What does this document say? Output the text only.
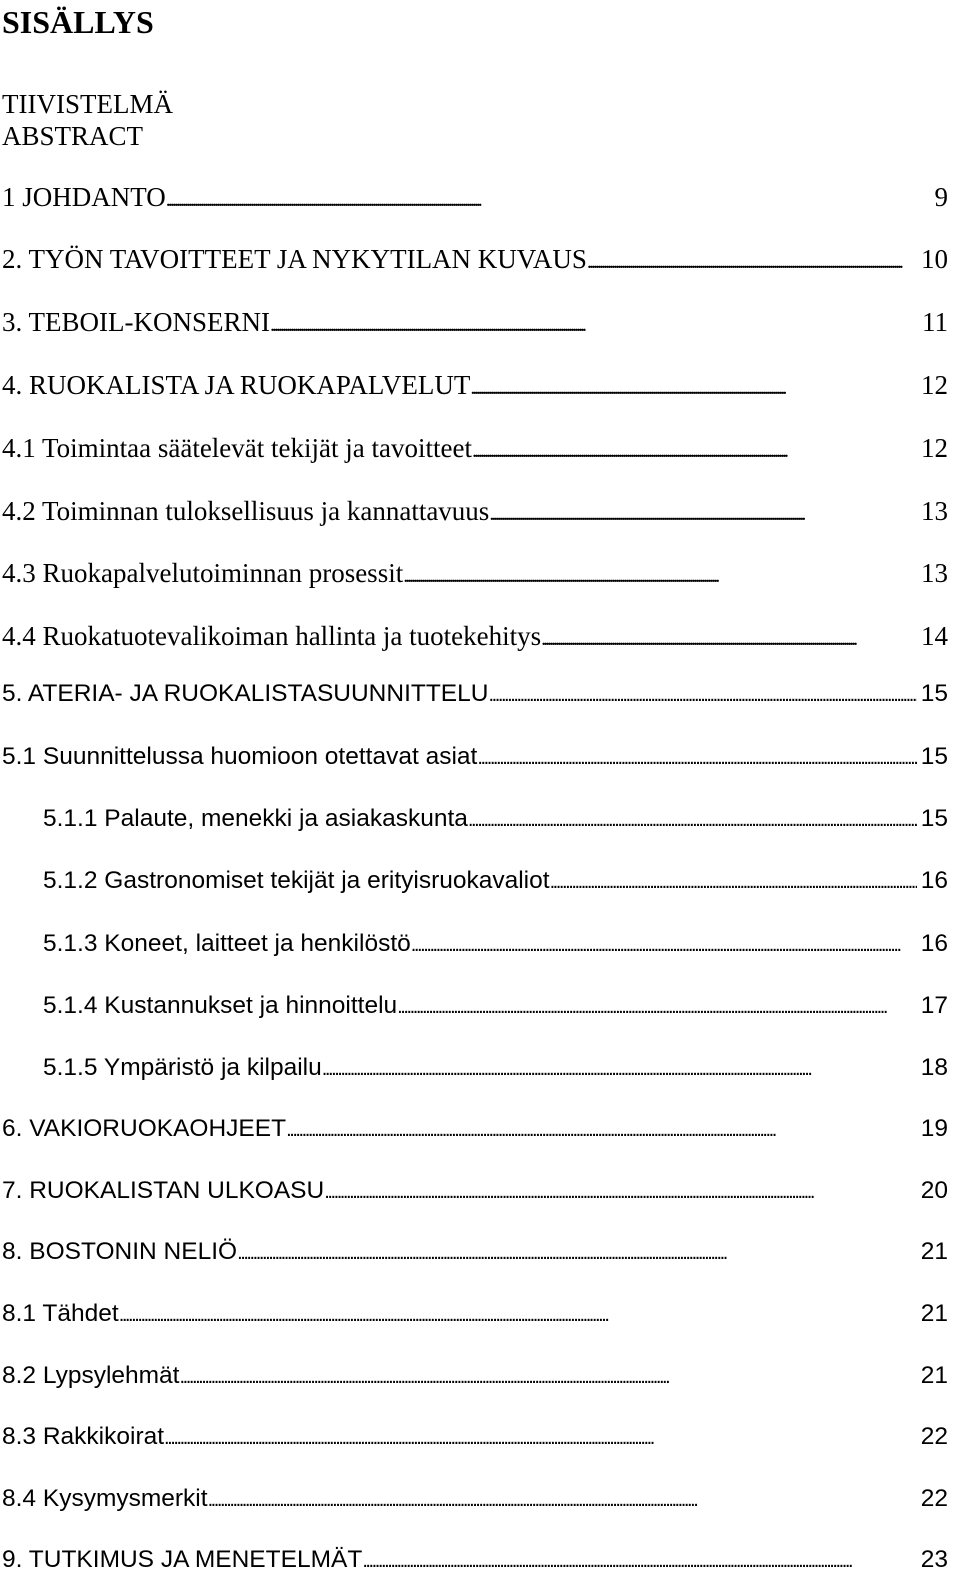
SISÄLLYS
TIIVISTELMÄ
ABSTRACT
1 JOHDANTO . . .	9
2. TYÖN TAVOITTEET JA NYKYTILAN KUVAUS . . .	10
3. TEBOIL-KONSERNI . . .	11
4. RUOKALISTA JA RUOKAPALVELUT . . .	12
4.1 Toimintaa säätelevät tekijät ja tavoitteet . . .	12
4.2 Toiminnan tuloksellisuus ja kannattavuus . . .	13
4.3 Ruokapalvelutoiminnan prosessit . . .	13
4.4 Ruokatuotevalikoiman hallinta ja tuotekehitys . . .	14
5. ATERIA- JA RUOKALISTASUUNNITTELU . . .	15
5.1 Suunnittelussa huomioon otettavat asiat . . .	15
5.1.1 Palaute, menekki ja asiakaskunta . . .	15
5.1.2 Gastronomiset tekijät ja erityisruokavaliot . . .	16
5.1.3 Koneet, laitteet ja henkilöstö . . .	16
5.1.4 Kustannukset ja hinnoittelu . . .	17
5.1.5 Ympäristö ja kilpailu . . .	18
6. VAKIORUOKAOHJEET . . .	19
7. RUOKALISTAN ULKOASU . . .	20
8. BOSTONIN NELIÖ . . .	21
8.1 Tähdet . . .	21
8.2 Lypsylehmät . . .	21
8.3 Rakkikoirat . . .	22
8.4 Kysymysmerkit . . .	22
9. TUTKIMUS JA MENETELMÄT . . .	23
